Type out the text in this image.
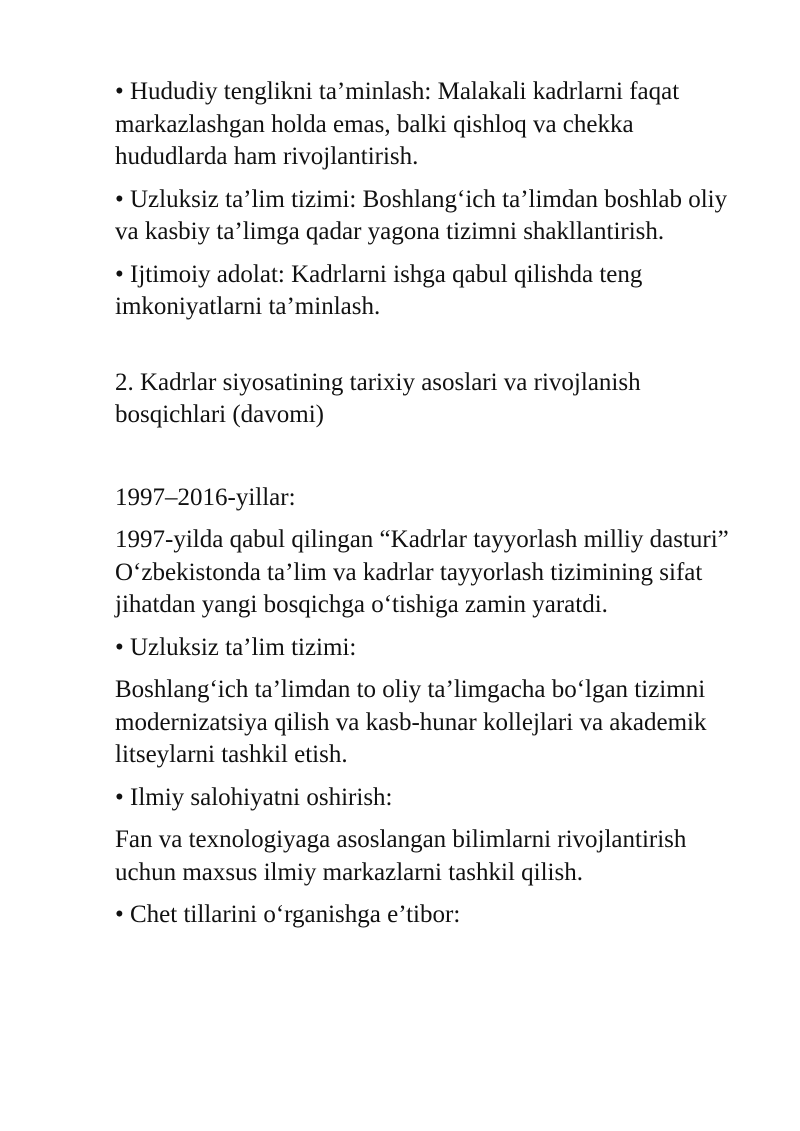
• Hududiy tenglikni ta’minlash: Malakali kadrlarni faqat markazlashgan holda emas, balki qishloq va chekka hududlarda ham rivojlantirish.

• Uzluksiz ta’lim tizimi: Boshlang‘ich ta’limdan boshlab oliy va kasbiy ta’limga qadar yagona tizimni shakllantirish.

• Ijtimoiy adolat: Kadrlarni ishga qabul qilishda teng imkoniyatlarni ta’minlash.

2. Kadrlar siyosatining tarixiy asoslari va rivojlanish bosqichlari (davomi)

1997–2016-yillar:

1997-yilda qabul qilingan “Kadrlar tayyorlash milliy dasturi” O‘zbekistonda ta’lim va kadrlar tayyorlash tizimining sifat jihatdan yangi bosqichga o‘tishiga zamin yaratdi.

• Uzluksiz ta’lim tizimi:

Boshlang‘ich ta’limdan to oliy ta’limgacha bo‘lgan tizimni modernizatsiya qilish va kasb-hunar kollejlari va akademik litseylarni tashkil etish.

• Ilmiy salohiyatni oshirish:

Fan va texnologiyaga asoslangan bilimlarni rivojlantirish uchun maxsus ilmiy markazlarni tashkil qilish.

• Chet tillarini o‘rganishga e’tibor:
